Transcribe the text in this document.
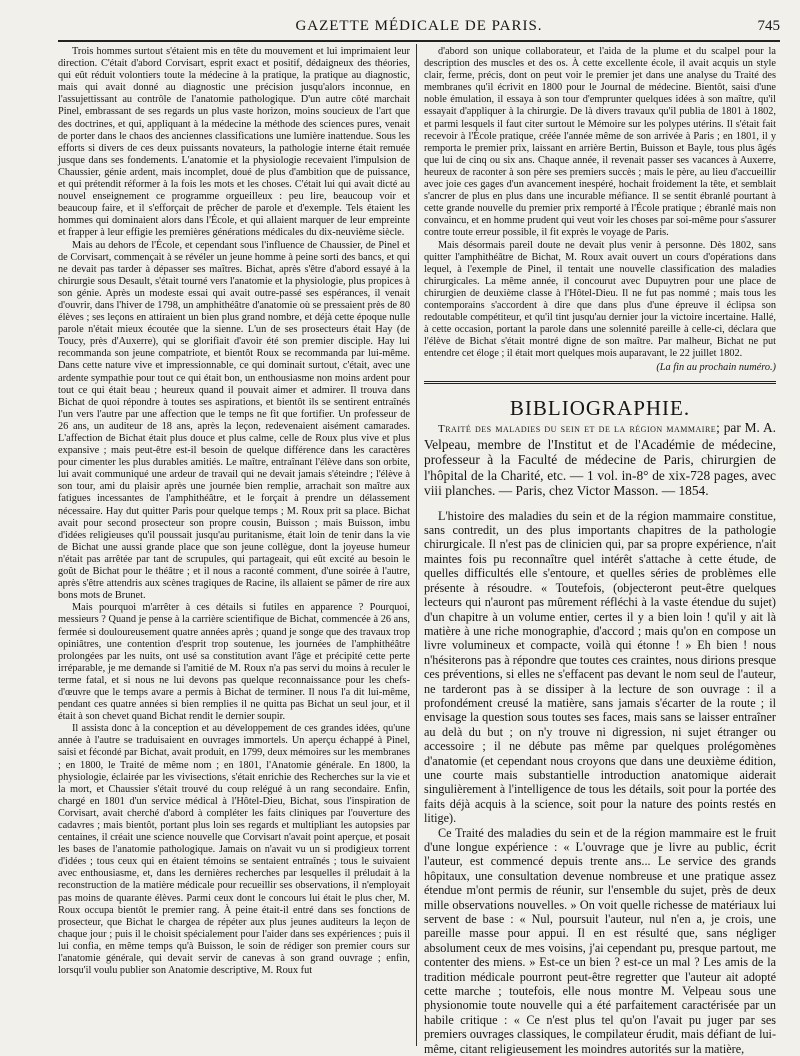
GAZETTE MÉDICALE DE PARIS.	745

Trois hommes surtout s'étaient mis en tête du mouvement et lui imprimaient leur direction. C'était d'abord Corvisart, esprit exact et positif, dédaigneux des théories, qui eût réduit volontiers toute la médecine à la pratique, la pratique au diagnostic, mais qui avait donné au diagnostic une précision jusqu'alors inconnue, en l'assujettissant au contrôle de l'anatomie pathologique. D'un autre côté marchait Pinel, embrassant de ses regards un plus vaste horizon, moins soucieux de l'art que des doctrines, et qui, appliquant à la médecine la méthode des sciences pures, venait de porter dans le chaos des anciennes classifications une lumière inattendue. Sous les efforts si divers de ces deux puissants novateurs, la pathologie interne était remuée jusque dans ses fondements. L'anatomie et la physiologie recevaient l'impulsion de Chaussier, génie ardent, mais incomplet, doué de plus d'ambition que de puissance, et qui prétendit réformer à la fois les mots et les choses. C'était lui qui avait dicté au nouvel enseignement ce programme orgueilleux : peu lire, beaucoup voir et beaucoup faire, et il s'efforçait de prêcher de parole et d'exemple. Tels étaient les hommes qui dominaient alors dans l'École, et qui allaient marquer de leur empreinte et frapper à leur effigie les premières générations médicales du dix-neuvième siècle.

Mais au dehors de l'École, et cependant sous l'influence de Chaussier, de Pinel et de Corvisart, commençait à se révéler un jeune homme à peine sorti des bancs, et qui ne devait pas tarder à dépasser ses maîtres. Bichat, après s'être d'abord essayé à la chirurgie sous Desault, s'était tourné vers l'anatomie et la physiologie, plus propices à son génie. Après un modeste essai qui avait outre-passé ses espérances, il venait d'ouvrir, dans l'hiver de 1798, un amphithéâtre d'anatomie où se pressaient près de 80 élèves ; ses leçons en attiraient un bien plus grand nombre, et déjà cette époque nulle parole n'était mieux écoutée que la sienne. L'un de ses prosecteurs était Hay (de Toucy, près d'Auxerre), qui se glorifiait d'avoir été son premier disciple. Hay lui recommanda son jeune compatriote, et bientôt Roux se recommanda par lui-même. Dans cette nature vive et impressionnable, ce qui dominait surtout, c'était, avec une ardente sympathie pour tout ce qui était bon, un enthousiasme non moins ardent pour tout ce qui était beau ; heureux quand il pouvait aimer et admirer. Il trouva dans Bichat de quoi répondre à toutes ses aspirations, et bientôt ils se sentirent entraînés l'un vers l'autre par une affection que le temps ne fit que fortifier. Un professeur de 26 ans, un auditeur de 18 ans, après la leçon, redevenaient aisément camarades. L'affection de Bichat était plus douce et plus calme, celle de Roux plus vive et plus expansive ; mais peut-être est-il besoin de quelque différence dans les caractères pour cimenter les plus durables amitiés. Le maître, entraînant l'élève dans son orbite, lui avait communiqué une ardeur de travail qui ne devait jamais s'éteindre ; l'élève à son tour, ami du plaisir après une journée bien remplie, arrachait son maître aux fatigues incessantes de l'amphithéâtre, et le forçait à prendre un délassement nécessaire. Hay dut quitter Paris pour quelque temps ; M. Roux prit sa place. Bichat avait pour second prosecteur son propre cousin, Buisson ; mais Buisson, imbu d'idées religieuses qu'il poussait jusqu'au puritanisme, était loin de tenir dans la vie de Bichat une aussi grande place que son jeune collègue, dont la joyeuse humeur n'était pas arrêtée par tant de scrupules, qui partageait, qui eût excité au besoin le goût de Bichat pour le théâtre ; et il nous a raconté comment, d'une soirée à l'autre, après s'être attendris aux scènes tragiques de Racine, ils allaient se pâmer de rire aux bons mots de Brunet.

Mais pourquoi m'arrêter à ces détails si futiles en apparence ? Pourquoi, messieurs ? Quand je pense à la carrière scientifique de Bichat, commencée à 26 ans, fermée si douloureusement quatre années après ; quand je songe que des travaux trop opiniâtres, une contention d'esprit trop soutenue, les journées de l'amphithéâtre prolongées par les nuits, ont usé sa constitution avant l'âge et précipité cette perte irréparable, je me demande si l'amitié de M. Roux n'a pas servi du moins à reculer le terme fatal, et si nous ne lui devons pas quelque reconnaissance pour les chefs-d'œuvre que le temps avare a permis à Bichat de terminer. Il nous l'a dit lui-même, pendant ces quatre années si bien remplies il ne quitta pas Bichat un seul jour, et il était à son chevet quand Bichat rendit le dernier soupir.

Il assista donc à la conception et au développement de ces grandes idées, qu'une année à l'autre se traduisaient en ouvrages immortels. Un aperçu échappé à Pinel, saisi et fécondé par Bichat, avait produit, en 1799, deux mémoires sur les membranes ; en 1800, le Traité de même nom ; en 1801, l'Anatomie générale. En 1800, la physiologie, éclairée par les vivisections, s'était enrichie des Recherches sur la vie et la mort, et Chaussier s'était trouvé du coup relégué à un rang secondaire. Enfin, chargé en 1801 d'un service médical à l'Hôtel-Dieu, Bichat, sous l'inspiration de Corvisart, avait cherché d'abord à compléter les faits cliniques par l'ouverture des cadavres ; mais bientôt, portant plus loin ses regards et multipliant les autopsies par centaines, il créait une science nouvelle que Corvisart n'avait point aperçue, et posait les bases de l'anatomie pathologique. Jamais on n'avait vu un si prodigieux torrent d'idées ; tous ceux qui en étaient témoins se sentaient entraînés ; tous le suivaient avec enthousiasme, et, dans les dernières recherches par lesquelles il préludait à la reconstruction de la matière médicale pour recueillir ses observations, il n'employait pas moins de quarante élèves. Parmi ceux dont le concours lui était le plus cher, M. Roux occupa bientôt le premier rang. À peine était-il entré dans ses fonctions de prosecteur, que Bichat le chargea de répéter aux plus jeunes auditeurs la leçon de chaque jour ; puis il le choisit spécialement pour l'aider dans ses expériences ; puis il lui confia, en même temps qu'à Buisson, le soin de rédiger son premier cours sur l'anatomie générale, qui devait servir de canevas à son grand ouvrage ; enfin, lorsqu'il voulu publier son Anatomie descriptive, M. Roux fut

d'abord son unique collaborateur, et l'aida de la plume et du scalpel pour la description des muscles et des os. À cette excellente école, il avait acquis un style clair, ferme, précis, dont on peut voir le premier jet dans une analyse du Traité des membranes qu'il écrivit en 1800 pour le Journal de médecine. Bientôt, saisi d'une noble émulation, il essaya à son tour d'emprunter quelques idées à son maître, qu'il essayait d'appliquer à la chirurgie. De là divers travaux qu'il publia de 1801 à 1802, et parmi lesquels il faut citer surtout le Mémoire sur les polypes utérins. Il s'était fait recevoir à l'École pratique, créée l'année même de son arrivée à Paris ; en 1801, il y remporta le premier prix, laissant en arrière Bertin, Buisson et Bayle, tous plus âgés que lui de cinq ou six ans. Chaque année, il revenait passer ses vacances à Auxerre, heureux de raconter à son père ses premiers succès ; mais le père, au lieu d'accueillir avec joie ces gages d'un avancement inespéré, hochait froidement la tête, et semblait s'ancrer de plus en plus dans une incurable méfiance. Il se sentit ébranlé pourtant à cette grande nouvelle du premier prix remporté à l'École pratique ; ébranlé mais non convaincu, et en homme prudent qui veut voir les choses par soi-même pour s'assurer contre toute erreur possible, il fit exprès le voyage de Paris.

Mais désormais pareil doute ne devait plus venir à personne. Dès 1802, sans quitter l'amphithéâtre de Bichat, M. Roux avait ouvert un cours d'opérations dans lequel, à l'exemple de Pinel, il tentait une nouvelle classification des maladies chirurgicales. La même année, il concourut avec Dupuytren pour une place de chirurgien de deuxième classe à l'Hôtel-Dieu. Il ne fut pas nommé ; mais tous les contemporains s'accordent à dire que dans plus d'une épreuve il éclipsa son redoutable compétiteur, et qu'il tint jusqu'au dernier jour la victoire incertaine. Hallé, à cette occasion, portant la parole dans une solennité pareille à celle-ci, déclara que l'élève de Bichat s'était montré digne de son maître. Par malheur, Bichat ne put entendre cet éloge ; il était mort quelques mois auparavant, le 22 juillet 1802.

(La fin au prochain numéro.)
BIBLIOGRAPHIE.
Traité des maladies du sein et de la région mammaire; par M. A. Velpeau, membre de l'Institut et de l'Académie de médecine, professeur à la Faculté de médecine de Paris, chirurgien de l'hôpital de la Charité, etc. — 1 vol. in-8° de xix-728 pages, avec viii planches. — Paris, chez Victor Masson. — 1854.

L'histoire des maladies du sein et de la région mammaire constitue, sans contredit, un des plus importants chapitres de la pathologie chirurgicale. Il n'est pas de clinicien qui, par sa propre expérience, n'ait maintes fois pu reconnaître quel intérêt s'attache à cette étude, de quelles difficultés elle s'entoure, et quelles séries de problèmes elle présente à résoudre. « Toutefois, (objecteront peut-être quelques lecteurs qui n'auront pas mûrement réfléchi à la vaste étendue du sujet) d'un chapitre à un volume entier, certes il y a bien loin ! qu'il y ait là matière à une riche monographie, d'accord ; mais qu'on en compose un livre volumineux et compacte, voilà qui étonne ! » Eh bien ! nous n'hésiterons pas à répondre que toutes ces craintes, nous dirions presque ces préventions, si elles ne s'effacent pas devant le nom seul de l'auteur, ne tarderont pas à se dissiper à la lecture de son ouvrage : il a profondément creusé la matière, sans jamais s'écarter de la route ; il envisage la question sous toutes ses faces, mais sans se laisser entraîner au delà du but ; on n'y trouve ni digression, ni sujet étranger ou accessoire ; il ne débute pas même par quelques prolégomènes d'anatomie (et cependant nous croyons que dans une deuxième édition, une courte mais substantielle introduction anatomique aiderait singulièrement à l'intelligence de tous les détails, soit pour la portée des faits déjà acquis à la science, soit pour la nature des points restés en litige).

Ce Traité des maladies du sein et de la région mammaire est le fruit d'une longue expérience : « L'ouvrage que je livre au public, écrit l'auteur, est commencé depuis trente ans... Le service des grands hôpitaux, une consultation devenue nombreuse et une pratique assez étendue m'ont permis de réunir, sur l'ensemble du sujet, près de deux mille observations nouvelles. » On voit quelle richesse de matériaux lui servent de base : « Nul, poursuit l'auteur, nul n'en a, je crois, une pareille masse pour appui. Il en est résulté que, sans négliger absolument ceux de mes voisins, j'ai cependant pu, presque partout, me contenter des miens. » Est-ce un bien ? est-ce un mal ? Les amis de la tradition médicale pourront peut-être regretter que l'auteur ait adopté cette marche ; toutefois, elle nous montre M. Velpeau sous une physionomie toute nouvelle qui a été parfaitement caractérisée par un habile critique : « Ce n'est plus tel qu'on l'avait pu juger par ses premiers ouvrages classiques, le compilateur érudit, mais défiant de lui-même, citant religieusement les moindres autorités sur la matière,
